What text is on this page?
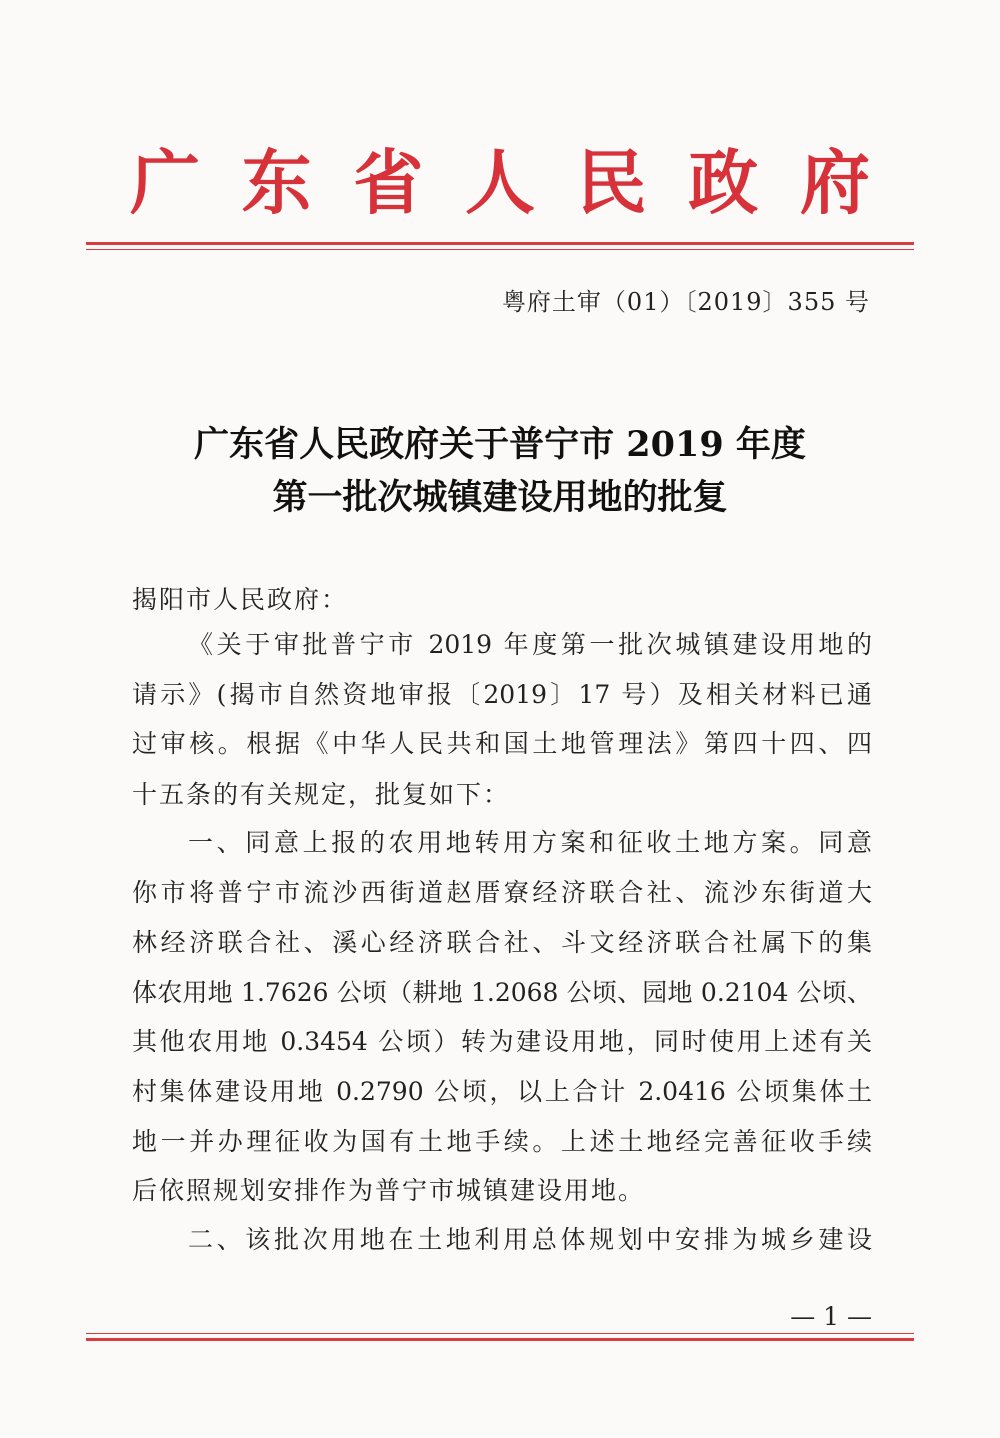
广 东 省 人 民 政 府
粤府土审（01）〔2019〕355 号
广东省人民政府关于普宁市 2019 年度
第一批次城镇建设用地的批复
揭阳市人民政府：
《关于审批普宁市 2019 年度第一批次城镇建设用地的
请示》(揭市自然资地审报〔2019〕17 号）及相关材料已通
过审核。根据《中华人民共和国土地管理法》第四十四、四
十五条的有关规定，批复如下：
一、同意上报的农用地转用方案和征收土地方案。同意
你市将普宁市流沙西街道赵厝寮经济联合社、流沙东街道大
林经济联合社、溪心经济联合社、斗文经济联合社属下的集
体农用地 1.7626 公顷（耕地 1.2068 公顷、园地 0.2104 公顷、
其他农用地 0.3454 公顷）转为建设用地，同时使用上述有关
村集体建设用地 0.2790 公顷，以上合计 2.0416 公顷集体土
地一并办理征收为国有土地手续。上述土地经完善征收手续
后依照规划安排作为普宁市城镇建设用地。
二、该批次用地在土地利用总体规划中安排为城乡建设
— 1 —
